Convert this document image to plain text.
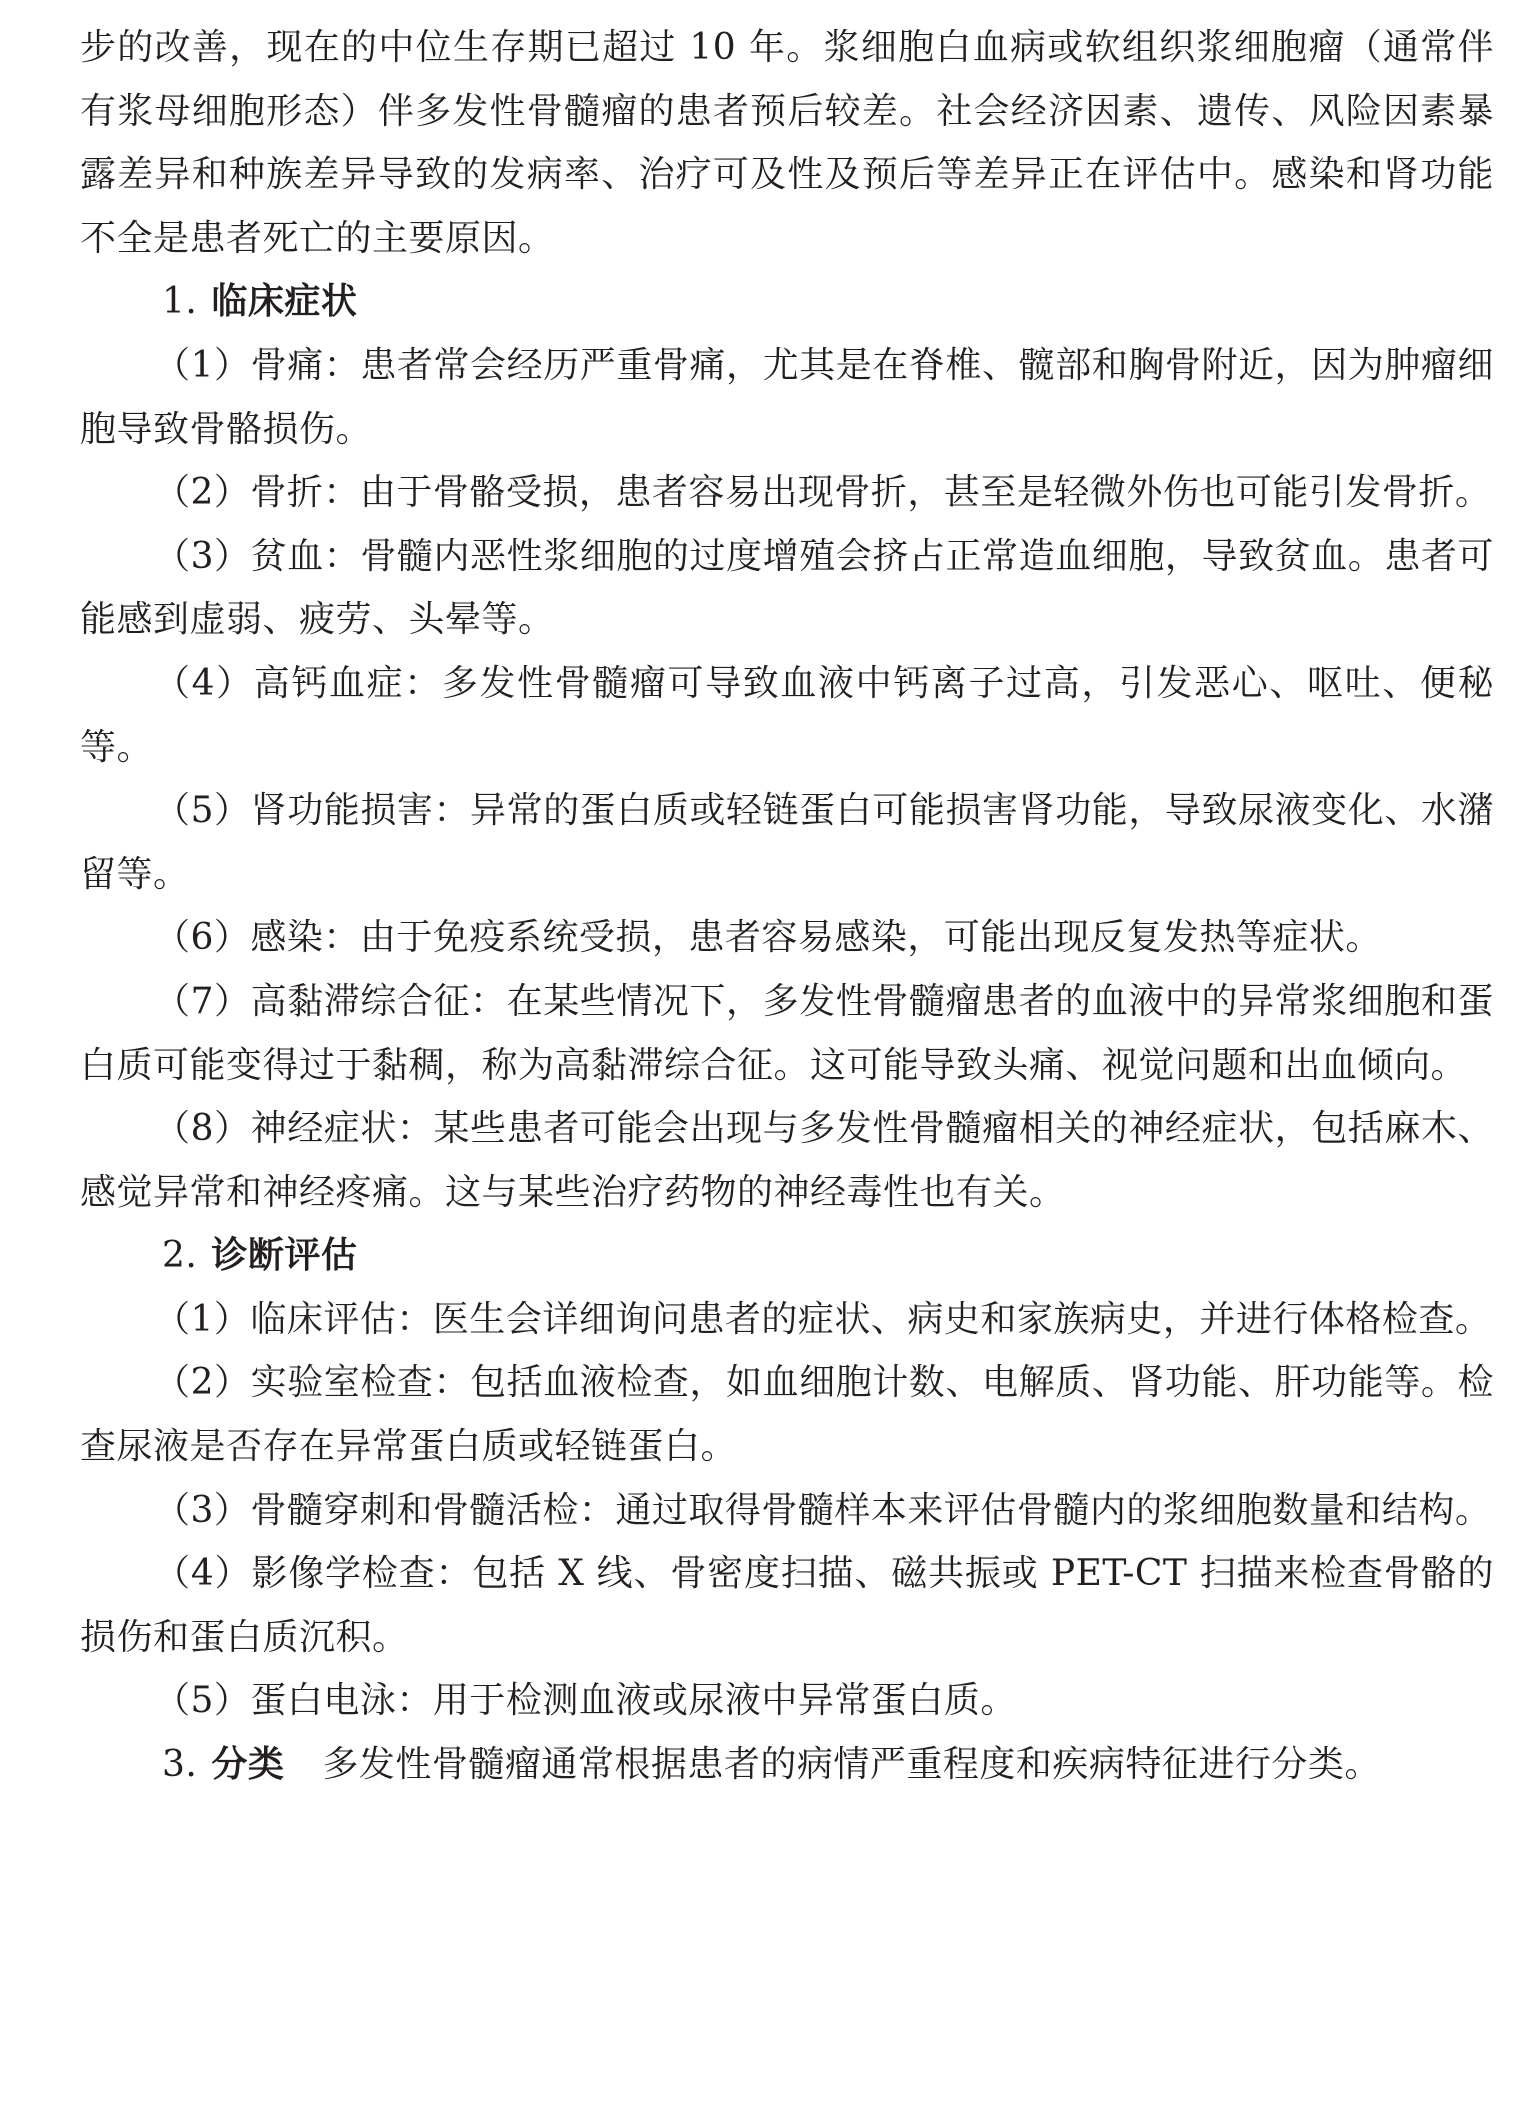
步的改善，现在的中位生存期已超过 10 年。浆细胞白血病或软组织浆细胞瘤（通常伴有浆母细胞形态）伴多发性骨髓瘤的患者预后较差。社会经济因素、遗传、风险因素暴露差异和种族差异导致的发病率、治疗可及性及预后等差异正在评估中。感染和肾功能不全是患者死亡的主要原因。

1. 临床症状

（1）骨痛：患者常会经历严重骨痛，尤其是在脊椎、髋部和胸骨附近，因为肿瘤细胞导致骨骼损伤。

（2）骨折：由于骨骼受损，患者容易出现骨折，甚至是轻微外伤也可能引发骨折。

（3）贫血：骨髓内恶性浆细胞的过度增殖会挤占正常造血细胞，导致贫血。患者可能感到虚弱、疲劳、头晕等。

（4）高钙血症：多发性骨髓瘤可导致血液中钙离子过高，引发恶心、呕吐、便秘等。

（5）肾功能损害：异常的蛋白质或轻链蛋白可能损害肾功能，导致尿液变化、水潴留等。

（6）感染：由于免疫系统受损，患者容易感染，可能出现反复发热等症状。

（7）高黏滞综合征：在某些情况下，多发性骨髓瘤患者的血液中的异常浆细胞和蛋白质可能变得过于黏稠，称为高黏滞综合征。这可能导致头痛、视觉问题和出血倾向。

（8）神经症状：某些患者可能会出现与多发性骨髓瘤相关的神经症状，包括麻木、感觉异常和神经疼痛。这与某些治疗药物的神经毒性也有关。

2. 诊断评估

（1）临床评估：医生会详细询问患者的症状、病史和家族病史，并进行体格检查。

（2）实验室检查：包括血液检查，如血细胞计数、电解质、肾功能、肝功能等。检查尿液是否存在异常蛋白质或轻链蛋白。

（3）骨髓穿刺和骨髓活检：通过取得骨髓样本来评估骨髓内的浆细胞数量和结构。

（4）影像学检查：包括 X 线、骨密度扫描、磁共振或 PET-CT 扫描来检查骨骼的损伤和蛋白质沉积。

（5）蛋白电泳：用于检测血液或尿液中异常蛋白质。

3. 分类 多发性骨髓瘤通常根据患者的病情严重程度和疾病特征进行分类。
